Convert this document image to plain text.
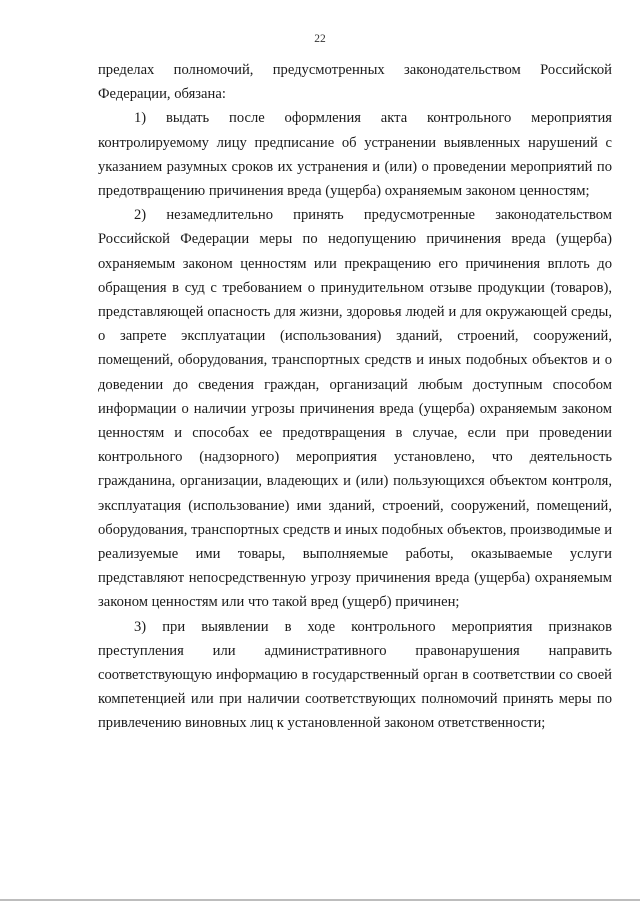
22

пределах полномочий, предусмотренных законодательством Российской Федерации, обязана:

1) выдать после оформления акта контрольного мероприятия контролируемому лицу предписание об устранении выявленных нарушений с указанием разумных сроков их устранения и (или) о проведении мероприятий по предотвращению причинения вреда (ущерба) охраняемым законом ценностям;

2) незамедлительно принять предусмотренные законодательством Российской Федерации меры по недопущению причинения вреда (ущерба) охраняемым законом ценностям или прекращению его причинения вплоть до обращения в суд с требованием о принудительном отзыве продукции (товаров), представляющей опасность для жизни, здоровья людей и для окружающей среды, о запрете эксплуатации (использования) зданий, строений, сооружений, помещений, оборудования, транспортных средств и иных подобных объектов и о доведении до сведения граждан, организаций любым доступным способом информации о наличии угрозы причинения вреда (ущерба) охраняемым законом ценностям и способах ее предотвращения в случае, если при проведении контрольного (надзорного) мероприятия установлено, что деятельность гражданина, организации, владеющих и (или) пользующихся объектом контроля, эксплуатация (использование) ими зданий, строений, сооружений, помещений, оборудования, транспортных средств и иных подобных объектов, производимые и реализуемые ими товары, выполняемые работы, оказываемые услуги представляют непосредственную угрозу причинения вреда (ущерба) охраняемым законом ценностям или что такой вред (ущерб) причинен;

3) при выявлении в ходе контрольного мероприятия признаков преступления или административного правонарушения направить соответствующую информацию в государственный орган в соответствии со своей компетенцией или при наличии соответствующих полномочий принять меры по привлечению виновных лиц к установленной законом ответственности;
